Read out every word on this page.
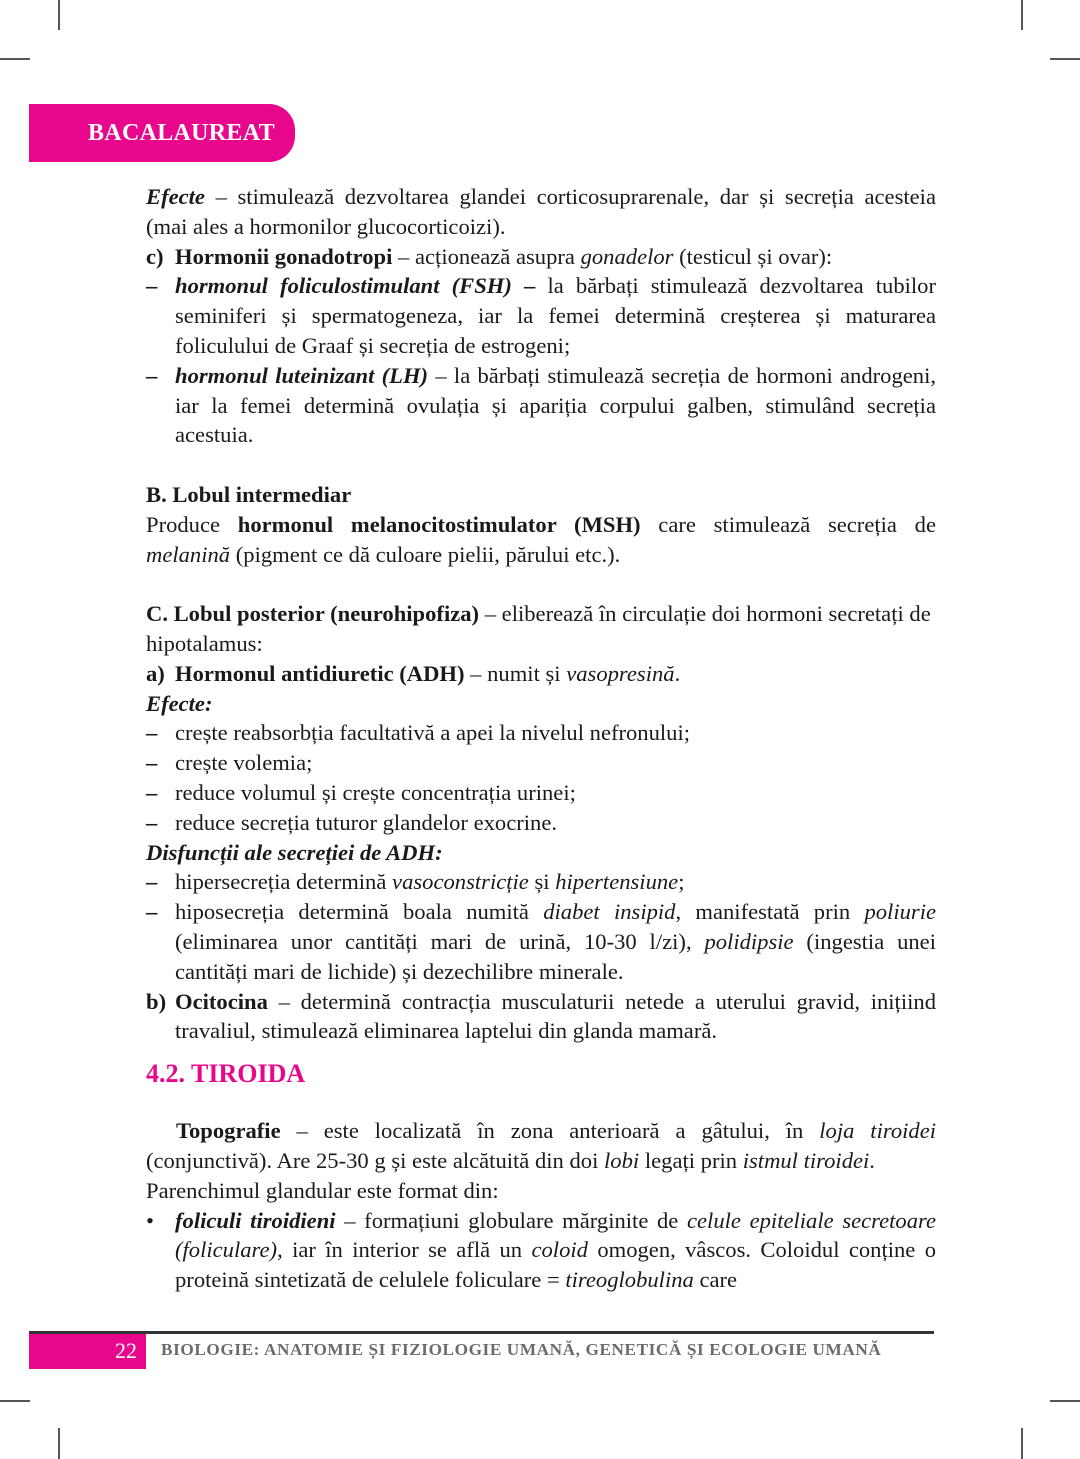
BACALAUREAT

Efecte – stimulează dezvoltarea glandei corticosuprarenale, dar și secreția acesteia (mai ales a hormonilor glucocorticoizi).

c) Hormonii gonadotropi – acționează asupra gonadelor (testicul și ovar):

– hormonul foliculostimulant (FSH) – la bărbați stimulează dezvoltarea tubilor seminiferi și spermatogeneza, iar la femei determină creșterea și maturarea foliculului de Graaf și secreția de estrogeni;

– hormonul luteinizant (LH) – la bărbați stimulează secreția de hormoni androgeni, iar la femei determină ovulația și apariția corpului galben, stimulând secreția acestuia.

B. Lobul intermediar

Produce hormonul melanocitostimulator (MSH) care stimulează secreția de melanină (pigment ce dă culoare pielii, părului etc.).

C. Lobul posterior (neurohipofiza) – eliberează în circulație doi hormoni secretați de hipotalamus:

a) Hormonul antidiuretic (ADH) – numit și vasopresină.

Efecte:

– crește reabsorbția facultativă a apei la nivelul nefronului;

– crește volemia;

– reduce volumul și crește concentrația urinei;

– reduce secreția tuturor glandelor exocrine.

Disfuncții ale secreției de ADH:

– hipersecreția determină vasoconstricție și hipertensiune;

– hiposecreția determină boala numită diabet insipid, manifestată prin poliurie (eliminarea unor cantități mari de urină, 10-30 l/zi), polidipsie (ingestia unei cantități mari de lichide) și dezechilibre minerale.

b) Ocitocina – determină contracția musculaturii netede a uterului gravid, inițiind travaliul, stimulează eliminarea laptelui din glanda mamară.

4.2. TIROIDA

Topografie – este localizată în zona anterioară a gâtului, în loja tiroidei (conjunctivă). Are 25-30 g și este alcătuită din doi lobi legați prin istmul tiroidei.

Parenchimul glandular este format din:

• foliculi tiroidieni – formațiuni globulare mărginite de celule epiteliale secretoare (foliculare), iar în interior se află un coloid omogen, vâscos. Coloidul conține o proteină sintetizată de celulele foliculare = tireoglobulina care

22 BIOLOGIE: ANATOMIE ȘI FIZIOLOGIE UMANĂ, GENETICĂ ȘI ECOLOGIE UMANĂ
